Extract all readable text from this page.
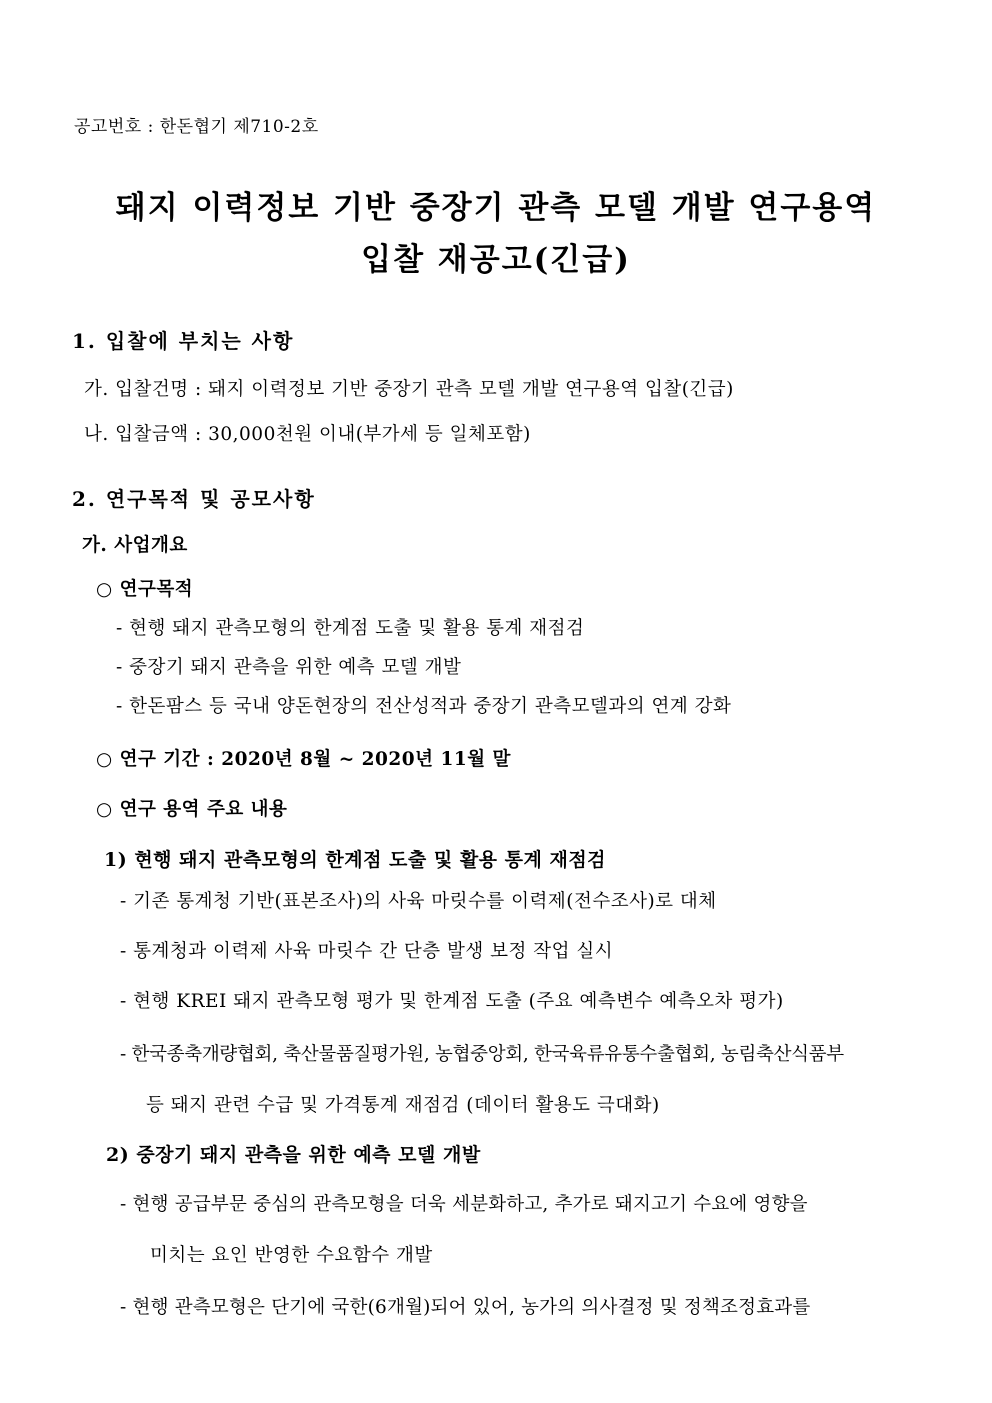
공고번호 : 한돈협기 제710-2호
돼지 이력정보 기반 중장기 관측 모델 개발 연구용역
입찰 재공고(긴급)
1. 입찰에 부치는 사항
가. 입찰건명 : 돼지 이력정보 기반 중장기 관측 모델 개발 연구용역 입찰(긴급)
나. 입찰금액 : 30,000천원 이내(부가세 등 일체포함)
2. 연구목적 및 공모사항
가. 사업개요
○ 연구목적
- 현행 돼지 관측모형의 한계점 도출 및 활용 통계 재점검
- 중장기 돼지 관측을 위한 예측 모델 개발
- 한돈팜스 등 국내 양돈현장의 전산성적과 중장기 관측모델과의 연계 강화
○ 연구 기간 : 2020년 8월 ~ 2020년 11월 말
○ 연구 용역 주요 내용
1) 현행 돼지 관측모형의 한계점 도출 및 활용 통계 재점검
- 기존 통계청 기반(표본조사)의 사육 마릿수를 이력제(전수조사)로 대체
- 통계청과 이력제 사육 마릿수 간 단층 발생 보정 작업 실시
- 현행 KREI 돼지 관측모형 평가 및 한계점 도출 (주요 예측변수 예측오차 평가)
- 한국종축개량협회, 축산물품질평가원, 농협중앙회, 한국육류유통수출협회, 농림축산식품부
등 돼지 관련 수급 및 가격통계 재점검 (데이터 활용도 극대화)
2) 중장기 돼지 관측을 위한 예측 모델 개발
- 현행 공급부문 중심의 관측모형을 더욱 세분화하고, 추가로 돼지고기 수요에 영향을
미치는 요인 반영한 수요함수 개발
- 현행 관측모형은 단기에 국한(6개월)되어 있어, 농가의 의사결정 및 정책조정효과를
